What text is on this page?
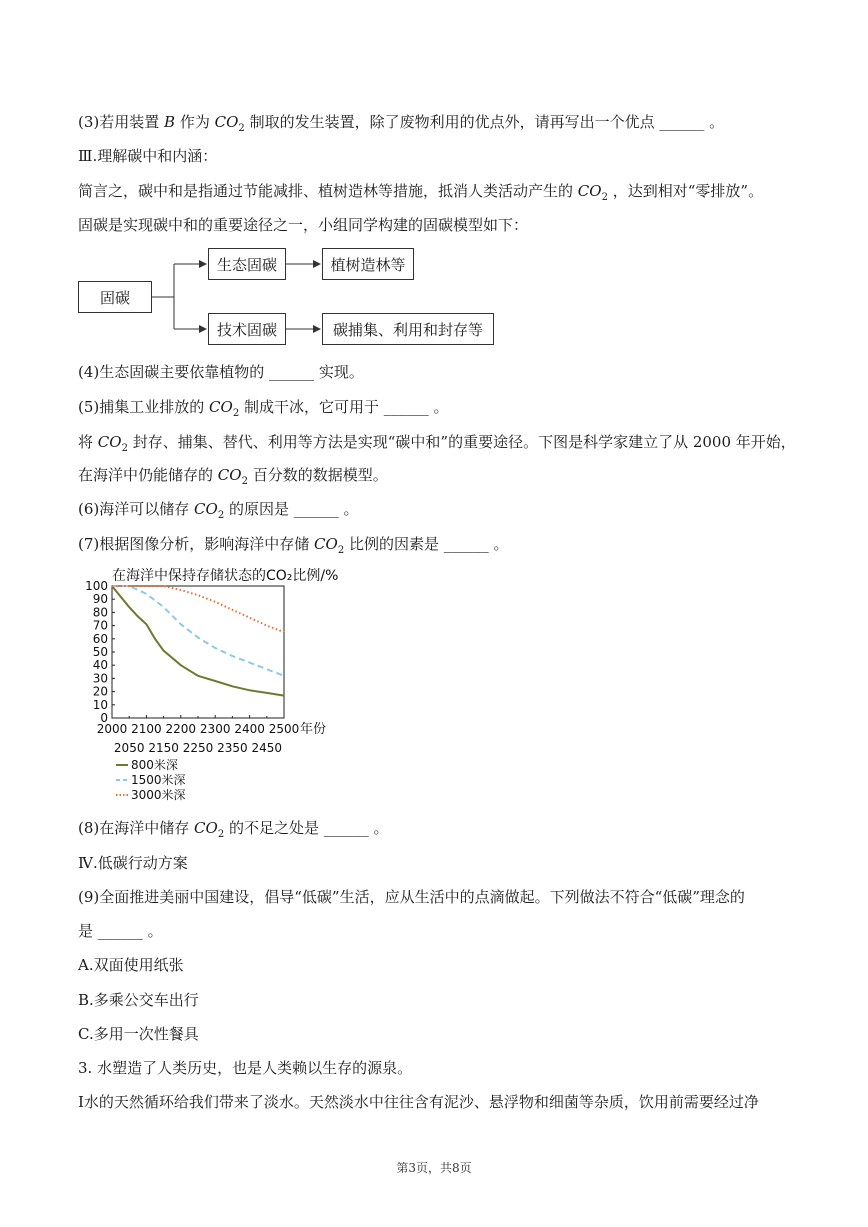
(3)若用装置 B 作为 $CO_2$ 制取的发生装置，除了废物利用的优点外，请再写出一个优点 ______ 。
Ⅲ.理解碳中和内涵：
简言之，碳中和是指通过节能减排、植树造林等措施，抵消人类活动产生的 $CO_2$ ，达到相对“零排放”。
固碳是实现碳中和的重要途径之一，小组同学构建的固碳模型如下：
固碳
生态固碳	植树造林等
技术固碳	碳捕集、利用和封存等
(4)生态固碳主要依靠植物的 ______ 实现。
(5)捕集工业排放的 $CO_2$ 制成干冰，它可用于 ______ 。
将 $CO_2$ 封存、捕集、替代、利用等方法是实现“碳中和”的重要途径。下图是科学家建立了从 2000 年开始，
在海洋中仍能储存的 $CO_2$ 百分数的数据模型。
(6)海洋可以储存 $CO_2$ 的原因是 ______ 。
(7)根据图像分析，影响海洋中存储 $CO_2$ 比例的因素是 ______ 。
在海洋中保持存储状态的CO₂比例/%
年份
0
10
20
30
40
50
60
70
80
90
100
2000 2100 2200 2300 2400 2500
2050 2150 2250 2350 2450
800米深
1500米深
3000米深
(8)在海洋中储存 $CO_2$ 的不足之处是 ______ 。
Ⅳ.低碳行动方案
(9)全面推进美丽中国建设，倡导“低碳”生活，应从生活中的点滴做起。下列做法不符合“低碳”理念的
是 ______ 。
A.双面使用纸张
B.多乘公交车出行
C.多用一次性餐具
3. 水塑造了人类历史，也是人类赖以生存的源泉。
Ⅰ水的天然循环给我们带来了淡水。天然淡水中往往含有泥沙、悬浮物和细菌等杂质，饮用前需要经过净
第3页，共8页
